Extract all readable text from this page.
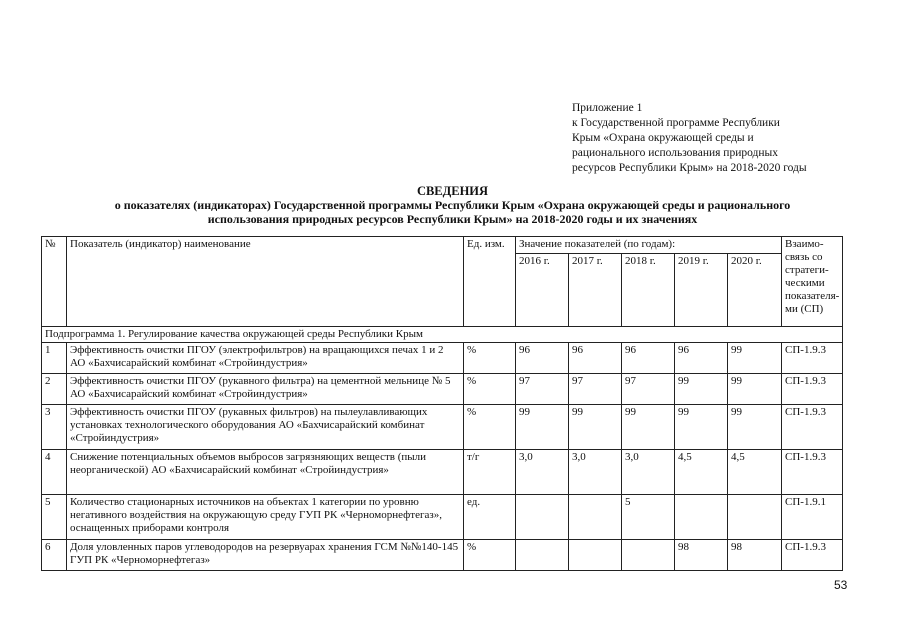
Приложение 1
к Государственной программе Республики
Крым «Охрана окружающей среды и
рационального использования природных
ресурсов Республики Крым» на 2018-2020 годы
СВЕДЕНИЯ
о показателях (индикаторах) Государственной программы Республики Крым «Охрана окружающей среды и рационального
использования природных ресурсов Республики Крым» на 2018-2020 годы и их значениях
№	Показатель (индикатор) наименование	Ед. изм.	Значение показателей (по годам):					Взаимо-связь со стратеги-ческими показателя-ми (СП)
			2016 г.	2017 г.	2018 г.	2019 г.	2020 г.	
Подпрограмма 1. Регулирование качества окружающей среды Республики Крым								
1	Эффективность очистки ПГОУ (электрофильтров) на вращающихся печах 1 и 2 АО «Бахчисарайский комбинат «Стройиндустрия»	%	96	96	96	96	99	СП-1.9.3
2	Эффективность очистки ПГОУ (рукавного фильтра) на цементной мельнице № 5 АО «Бахчисарайский комбинат «Стройиндустрия»	%	97	97	97	99	99	СП-1.9.3
3	Эффективность очистки ПГОУ (рукавных фильтров) на пылеулавливающих установках технологического оборудования АО «Бахчисарайский комбинат «Стройиндустрия»	%	99	99	99	99	99	СП-1.9.3
4	Снижение потенциальных объемов выбросов загрязняющих веществ (пыли неорганической) АО «Бахчисарайский комбинат «Стройиндустрия»	т/г	3,0	3,0	3,0	4,5	4,5	СП-1.9.3
5	Количество стационарных источников на объектах 1 категории по уровню негативного воздействия на окружающую среду ГУП РК «Черноморнефтегаз», оснащенных приборами контроля	ед.			5			СП-1.9.1
6	Доля уловленных паров углеводородов на резервуарах хранения ГСМ №№140-145 ГУП РК «Черноморнефтегаз»	%				98	98	СП-1.9.3
53
